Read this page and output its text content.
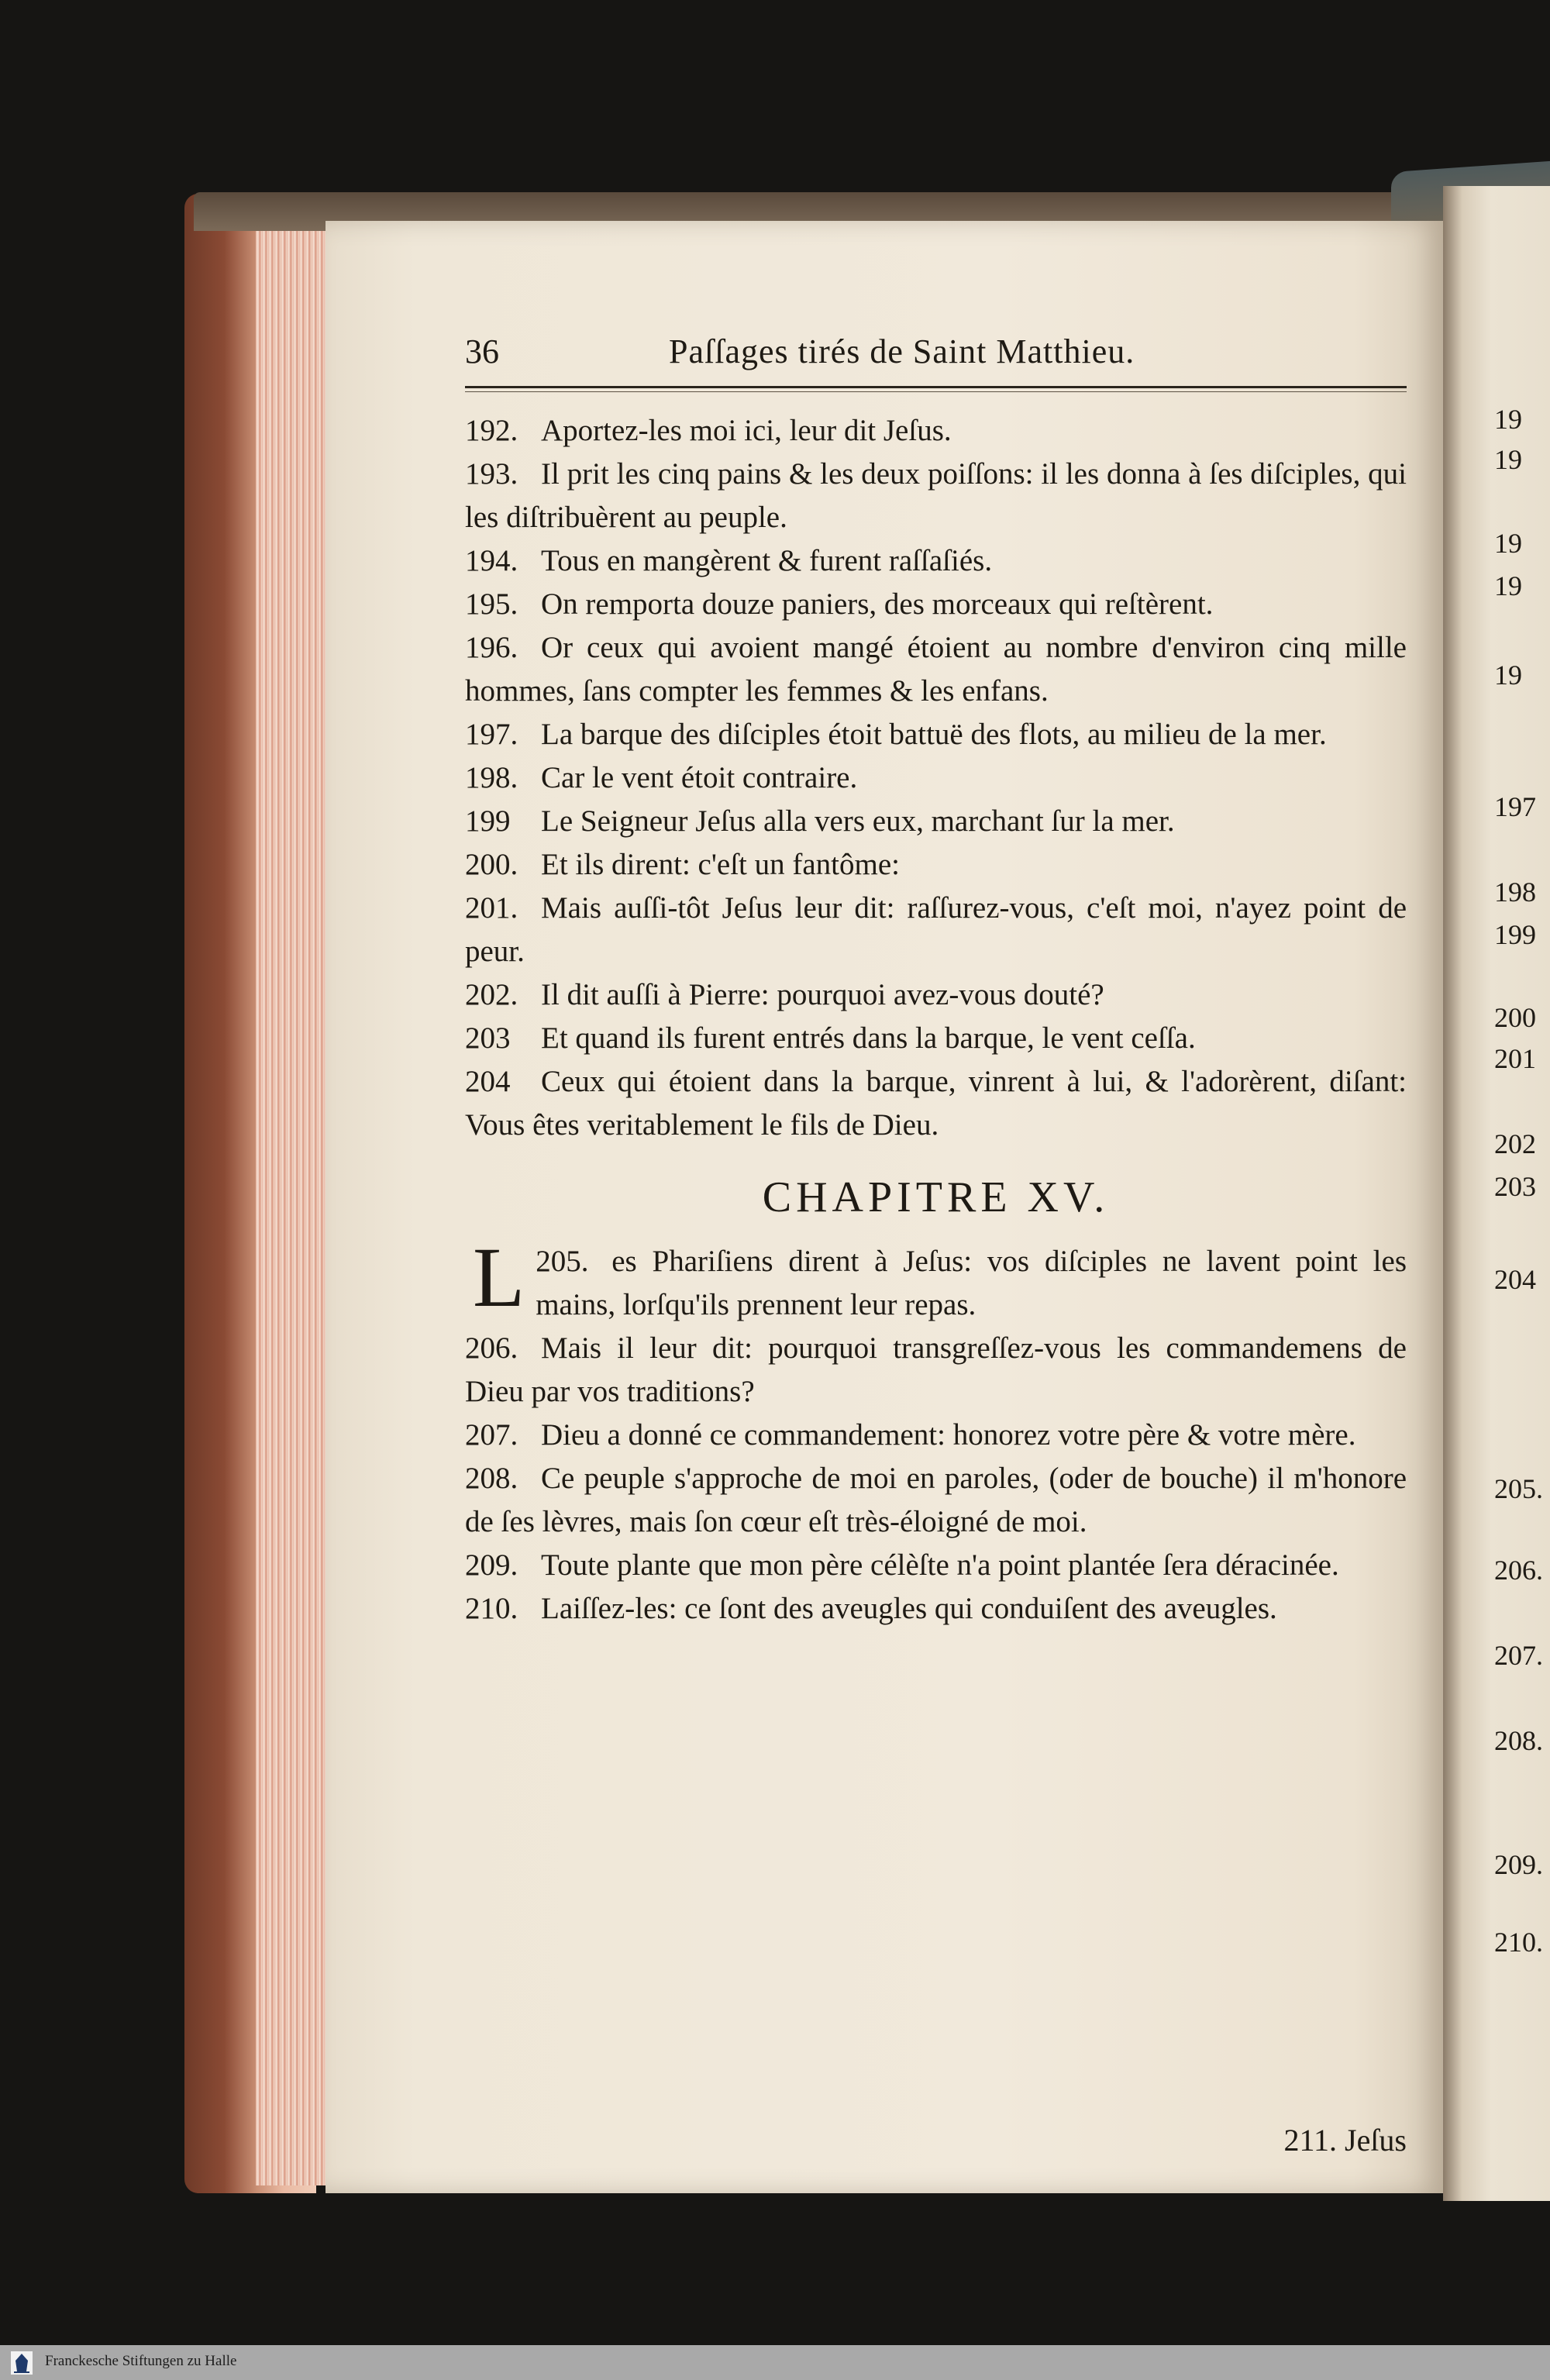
36	Paſſages tirés de Saint Matthieu.
192. Aportez-les moi ici, leur dit Jeſus.
193. Il prit les cinq pains & les deux poiſſons: il les donna à ſes diſciples, qui les diſtribuèrent au peuple.
194. Tous en mangèrent & furent raſſaſiés.
195. On remporta douze paniers, des morceaux qui reſtèrent.
196. Or ceux qui avoient mangé étoient au nombre d'environ cinq mille hommes, ſans compter les femmes & les enfans.
197. La barque des diſciples étoit battuë des flots, au milieu de la mer.
198. Car le vent étoit contraire.
199 Le Seigneur Jeſus alla vers eux, marchant ſur la mer.
200. Et ils dirent: c'eſt un fantôme:
201. Mais auſſi-tôt Jeſus leur dit: raſſurez-vous, c'eſt moi, n'ayez point de peur.
202. Il dit auſſi à Pierre: pourquoi avez-vous douté?
203 Et quand ils furent entrés dans la barque, le vent ceſſa.
204 Ceux qui étoient dans la barque, vinrent à lui, & l'adorèrent, diſant: Vous êtes veritablement le fils de Dieu.
CHAPITRE XV.
205.
L	es Phariſiens dirent à Jeſus: vos diſciples ne lavent point les mains, lorſqu'ils prennent leur repas.
206. Mais il leur dit: pourquoi transgreſſez-vous les commandemens de Dieu par vos traditions?
207. Dieu a donné ce commandement: honorez votre père & votre mère.
208. Ce peuple s'approche de moi en paroles, (oder de bouche) il m'honore de ſes lèvres, mais ſon cœur eſt très-éloigné de moi.
209. Toute plante que mon père célèſte n'a point plantée ſera déracinée.
210. Laiſſez-les: ce ſont des aveugles qui conduiſent des aveugles.
211. Jeſus
19
19
19
19
19
197
198
199
200
201
202
203
204
205.
206.
207.
208.
209.
210.
Franckesche Stiftungen zu Halle
